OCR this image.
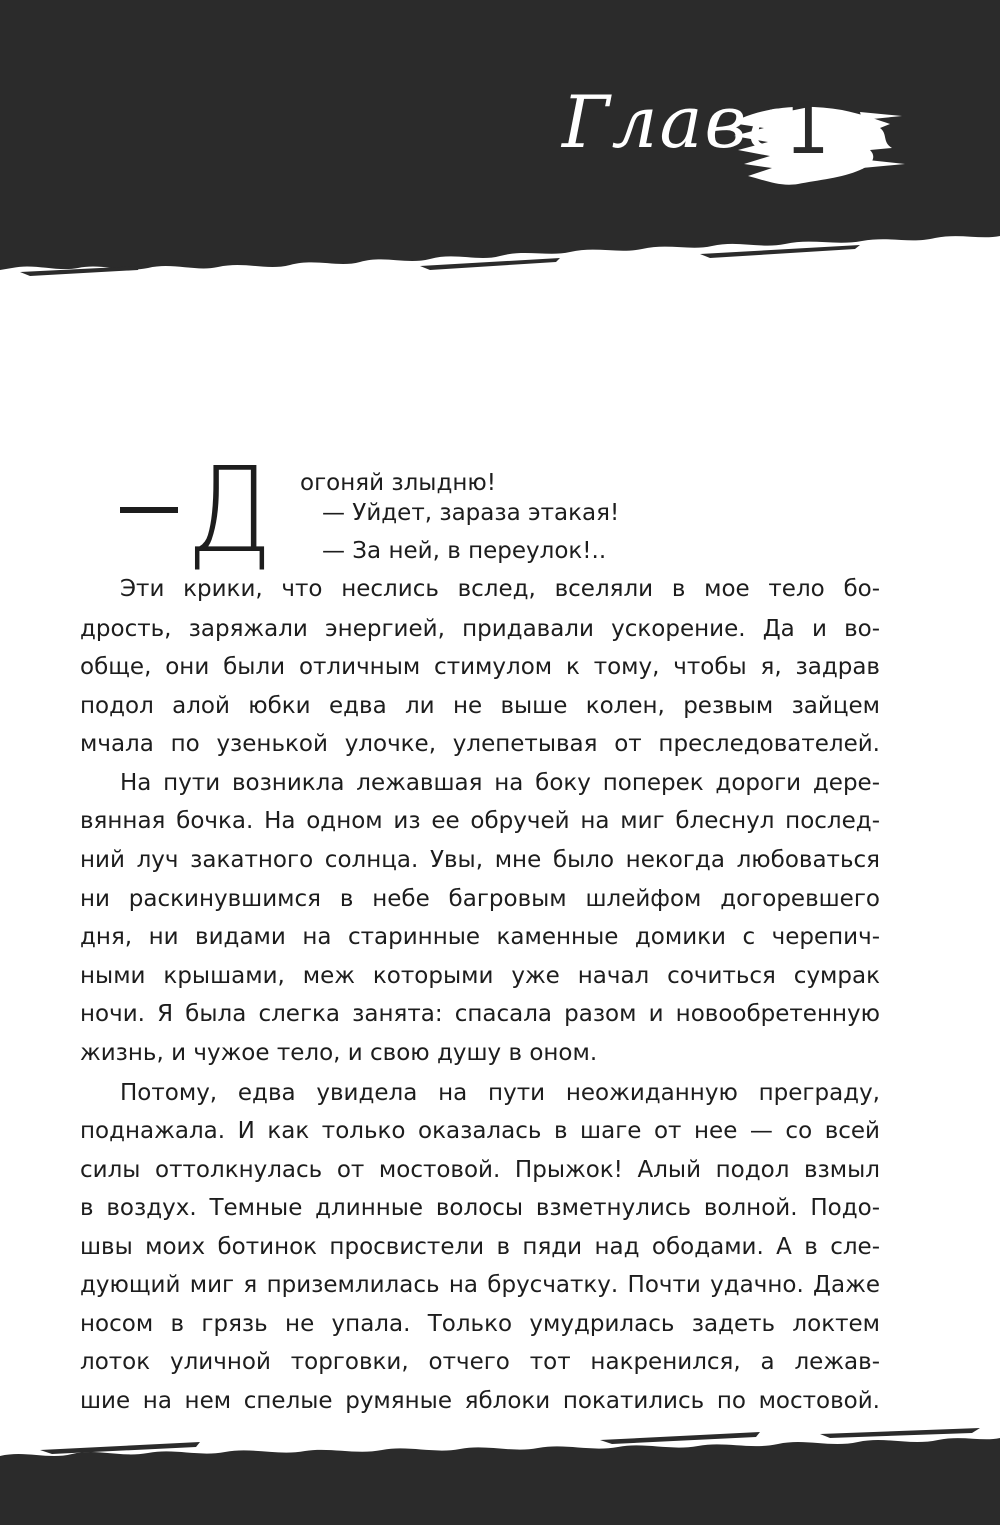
Глава
1
Д огоняй злыдню!
— Уйдет, зараза этакая!
— За ней, в переулок!..
Эти крики, что неслись вслед, вселяли в мое тело бо-
дрость, заряжали энергией, придавали ускорение. Да и во-
обще, они были отличным стимулом к тому, чтобы я, задрав
подол алой юбки едва ли не выше колен, резвым зайцем
мчала по узенькой улочке, улепетывая от преследователей.
На пути возникла лежавшая на боку поперек дороги дере-
вянная бочка. На одном из ее обручей на миг блеснул послед-
ний луч закатного солнца. Увы, мне было некогда любоваться
ни раскинувшимся в небе багровым шлейфом догоревшего
дня, ни видами на старинные каменные домики с черепич-
ными крышами, меж которыми уже начал сочиться сумрак
ночи. Я была слегка занята: спасала разом и новообретенную
жизнь, и чужое тело, и свою душу в оном.
Потому, едва увидела на пути неожиданную преграду,
поднажала. И как только оказалась в шаге от нее — со всей
силы оттолкнулась от мостовой. Прыжок! Алый подол взмыл
в воздух. Темные длинные волосы взметнулись волной. Подо-
швы моих ботинок просвистели в пяди над ободами. А в сле-
дующий миг я приземлилась на брусчатку. Почти удачно. Даже
носом в грязь не упала. Только умудрилась задеть локтем
лоток уличной торговки, отчего тот накренился, а лежав-
шие на нем спелые румяные яблоки покатились по мостовой.
